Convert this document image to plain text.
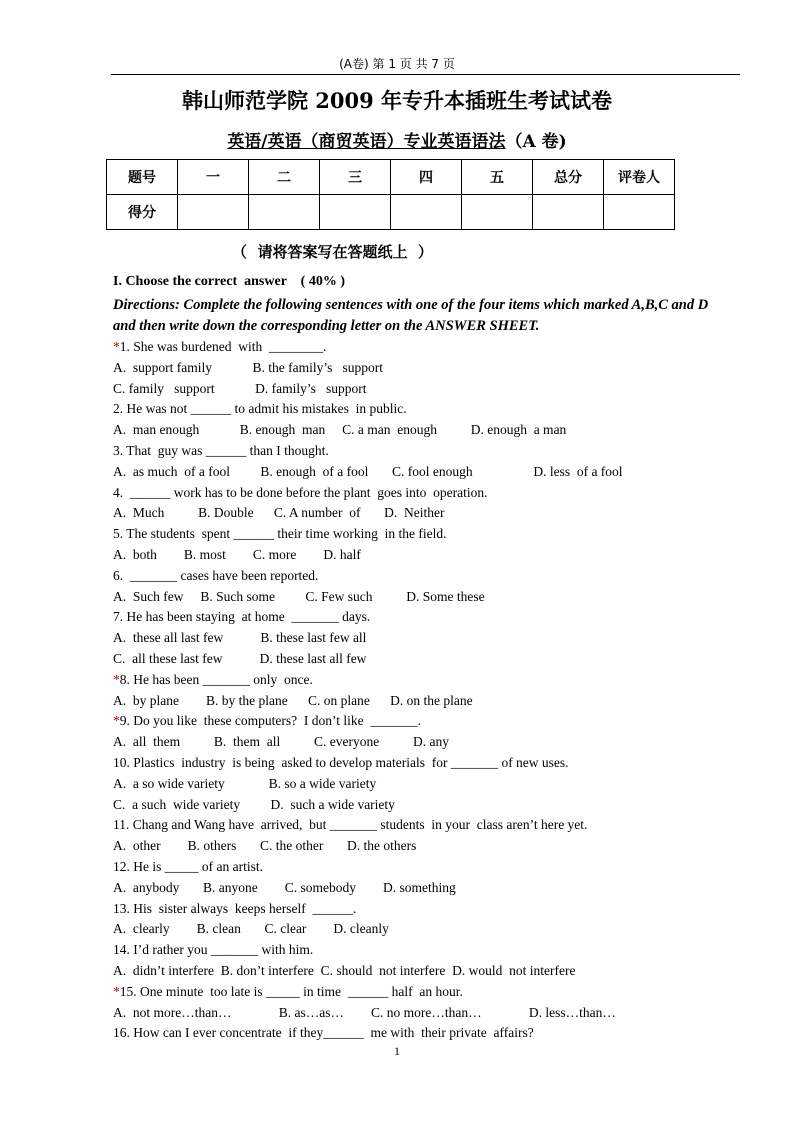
(A卷) 第 1 页 共 7 页
韩山师范学院 2009 年专升本插班生考试试卷
英语/英语（商贸英语）专业英语语法（A 卷)
题号	一	二	三	四	五	总分	评卷人
得分							
（  请将答案写在答题纸上  ）
I. Choose the correct  answer    ( 40% )
Directions: Complete the following sentences with one of the four items which marked A,B,C and D and then write down the corresponding letter on the ANSWER SHEET.
*1. She was burdened  with  ________.
A.  support family            B. the family’s   support
C. family   support            D. family’s   support
2. He was not ______ to admit his mistakes  in public.
A.  man enough            B. enough  man     C. a man  enough          D. enough  a man
3. That  guy was ______ than I thought.
A.  as much  of a fool         B. enough  of a fool       C. fool enough                  D. less  of a fool
4.  ______ work has to be done before the plant  goes into  operation.
A.  Much          B. Double      C. A number  of       D.  Neither
5. The students  spent ______ their time working  in the field.
A.  both        B. most        C. more        D. half
6.  _______ cases have been reported.
A.  Such few     B. Such some         C. Few such          D. Some these
7. He has been staying  at home  _______ days.
A.  these all last few           B. these last few all
C.  all these last few           D. these last all few
*8. He has been _______ only  once.
A.  by plane        B. by the plane      C. on plane      D. on the plane
*9. Do you like  these computers?  I don’t like  _______.
A.  all  them          B.  them  all          C. everyone          D. any
10. Plastics  industry  is being  asked to develop materials  for _______ of new uses.
A.  a so wide variety             B. so a wide variety
C.  a such  wide variety         D.  such a wide variety
11. Chang and Wang have  arrived,  but _______ students  in your  class aren’t here yet.
A.  other        B. others       C. the other       D. the others
12. He is _____ of an artist.
A.  anybody       B. anyone        C. somebody        D. something
13. His  sister always  keeps herself  ______.
A.  clearly        B. clean       C. clear        D. cleanly
14. I’d rather you _______ with him.
A.  didn’t interfere  B. don’t interfere  C. should  not interfere  D. would  not interfere
*15. One minute  too late is _____ in time  ______ half  an hour.
A.  not more…than…              B. as…as…        C. no more…than…              D. less…than…
16. How can I ever concentrate  if they______  me with  their private  affairs?
1
